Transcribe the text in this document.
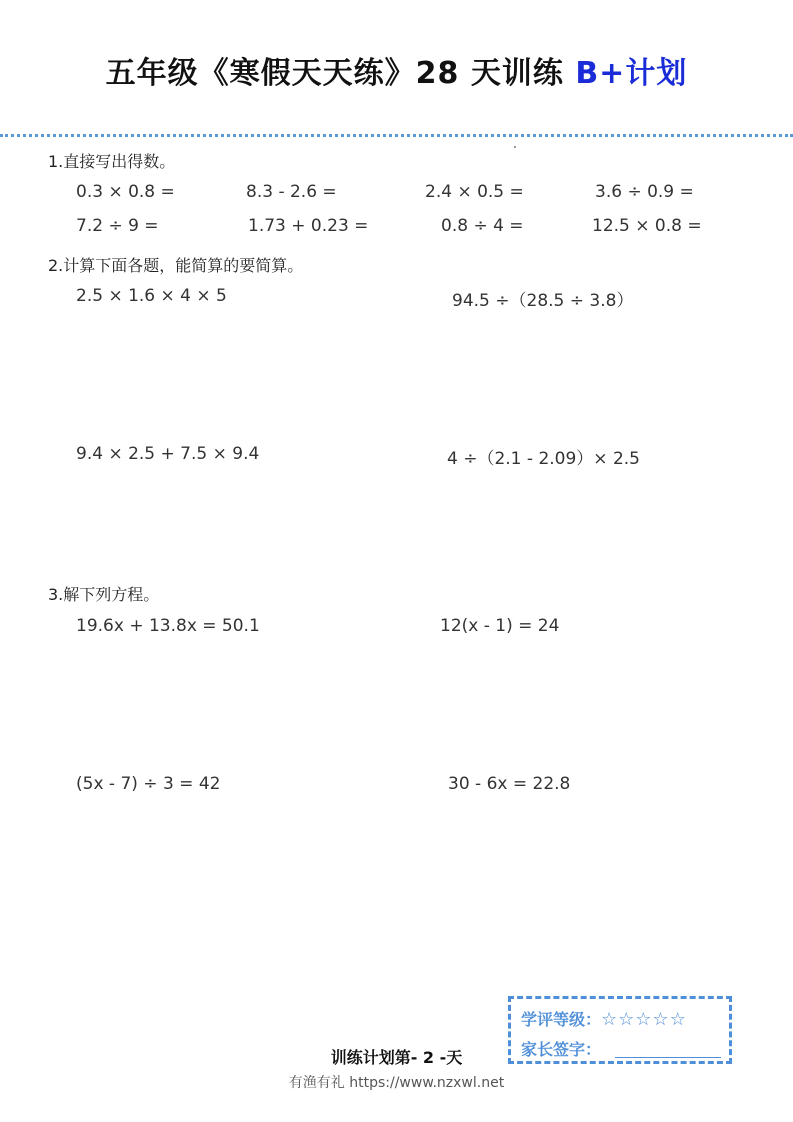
五年级《寒假天天练》28 天训练 B+计划
1.直接写出得数。
0.3 × 0.8 =	8.3 - 2.6 =	2.4 × 0.5 =	3.6 ÷ 0.9 =
7.2 ÷ 9 =	1.73 + 0.23 =	0.8 ÷ 4 =	12.5 × 0.8 =
2.计算下面各题，能简算的要简算。
2.5 × 1.6 × 4 × 5	94.5 ÷（28.5 ÷ 3.8）
9.4 × 2.5 + 7.5 × 9.4	4 ÷（2.1 - 2.09）× 2.5
3.解下列方程。
19.6x + 13.8x = 50.1	12(x - 1) = 24
(5x - 7) ÷ 3 = 42	30 - 6x = 22.8
学评等级：☆☆☆☆☆
家长签字：
训练计划第- 2 -天
有渔有礼 https://www.nzxwl.net
